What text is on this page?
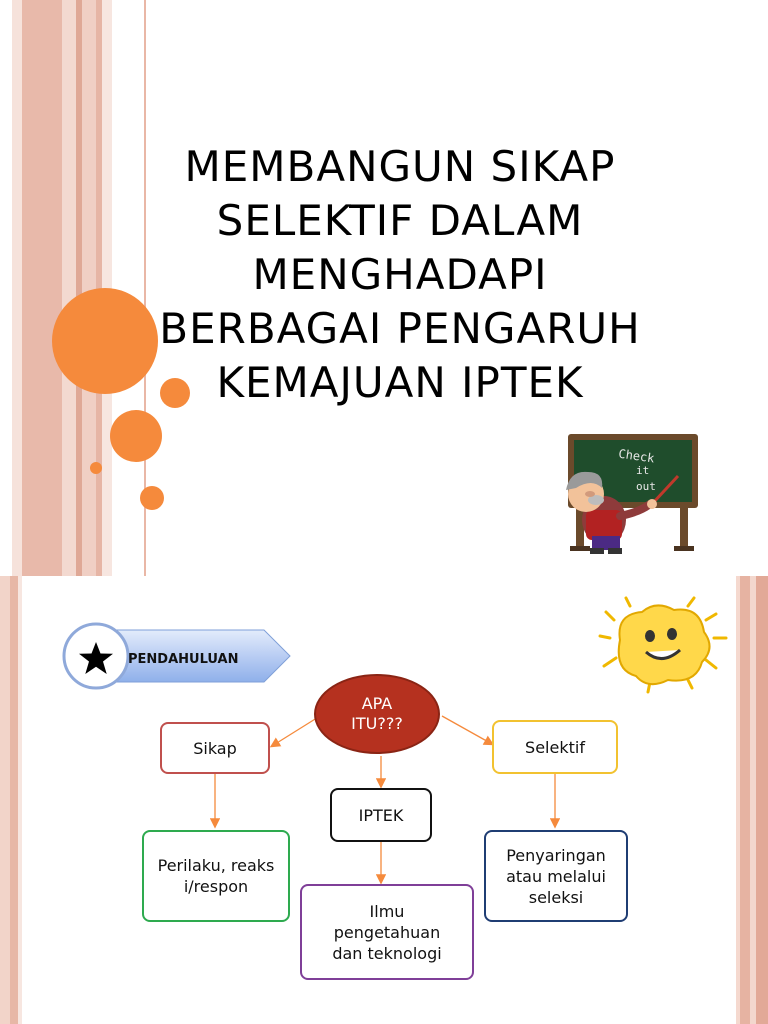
MEMBANGUN SIKAP
SELEKTIF DALAM
MENGHADAPI
BERBAGAI PENGARUH
KEMAJUAN IPTEK
Check
it
out
PENDAHULUAN
APA ITU???
Sikap	Selektif
IPTEK
Perilaku, reaksi/respon
Ilmu pengetahuan dan teknologi
Penyaringanatau melalui seleksi
